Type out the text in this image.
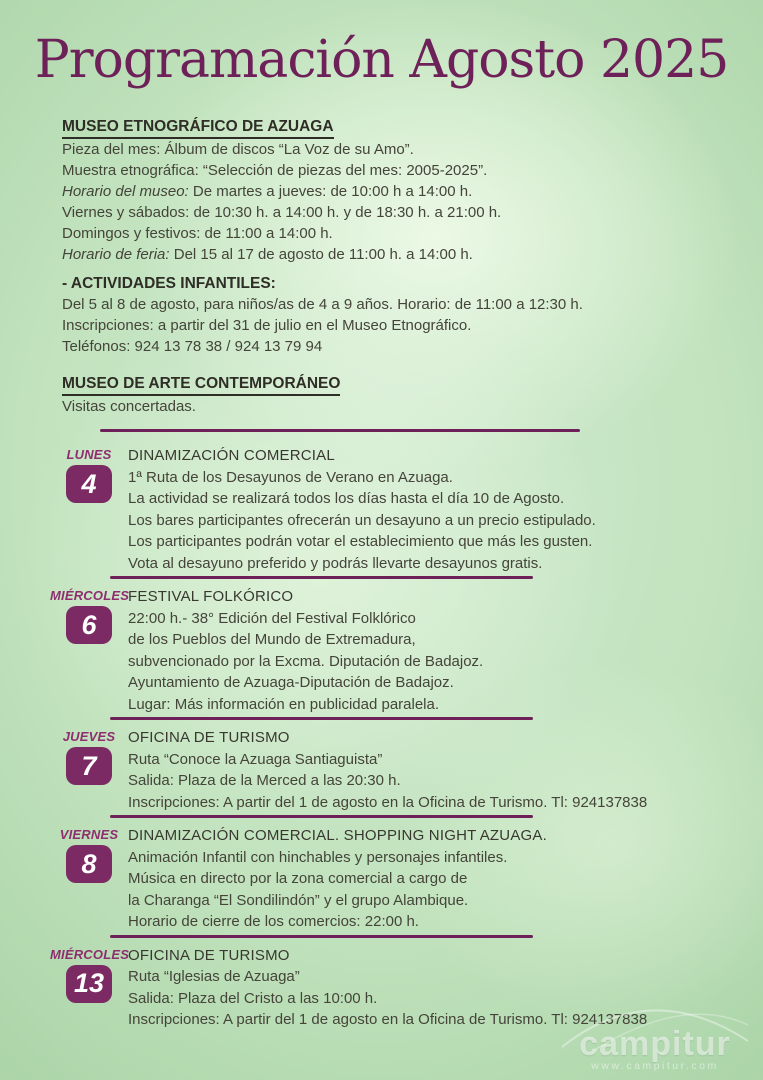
Programación Agosto 2025
MUSEO ETNOGRÁFICO DE AZUAGA
Pieza del mes: Álbum de discos “La Voz de su Amo”.
Muestra etnográfica: “Selección de piezas del mes: 2005-2025”.
Horario del museo: De martes a jueves: de 10:00 h a 14:00 h.
Viernes y sábados: de 10:30 h. a 14:00 h. y de 18:30 h. a 21:00 h.
Domingos y festivos: de 11:00 a 14:00 h.
Horario de feria: Del 15 al 17 de agosto de 11:00 h. a 14:00 h.
- ACTIVIDADES INFANTILES:
Del 5 al 8 de agosto, para niños/as de 4 a 9 años. Horario: de 11:00 a 12:30 h.
Inscripciones: a partir del 31 de julio en el Museo Etnográfico.
Teléfonos: 924 13 78 38 / 924 13 79 94
MUSEO DE ARTE CONTEMPORÁNEO
Visitas concertadas.
LUNES
4
DINAMIZACIÓN COMERCIAL
1ª Ruta de los Desayunos de Verano en Azuaga.
La actividad se realizará todos los días hasta el día 10 de Agosto.
Los bares participantes ofrecerán un desayuno a un precio estipulado.
Los participantes podrán votar el establecimiento que más les gusten.
Vota al desayuno preferido y podrás llevarte desayunos gratis.
MIÉRCOLES
6
FESTIVAL FOLKÓRICO
22:00 h.- 38° Edición del Festival Folklórico
de los Pueblos del Mundo de Extremadura,
subvencionado por la Excma. Diputación de Badajoz.
Ayuntamiento de Azuaga-Diputación de Badajoz.
Lugar: Más información en publicidad paralela.
JUEVES
7
OFICINA DE TURISMO
Ruta “Conoce la Azuaga Santiaguista”
Salida: Plaza de la Merced a las 20:30 h.
Inscripciones: A partir del 1 de agosto en la Oficina de Turismo. Tl: 924137838
VIERNES
8
DINAMIZACIÓN COMERCIAL. SHOPPING NIGHT AZUAGA.
Animación Infantil con hinchables y personajes infantiles.
Música en directo por la zona comercial a cargo de
la Charanga “El Sondilindón” y el grupo Alambique.
Horario de cierre de los comercios: 22:00 h.
MIÉRCOLES
13
OFICINA DE TURISMO
Ruta “Iglesias de Azuaga”
Salida: Plaza del Cristo a las 10:00 h.
Inscripciones: A partir del 1 de agosto en la Oficina de Turismo. Tl: 924137838
campitur
www.campitur.com
